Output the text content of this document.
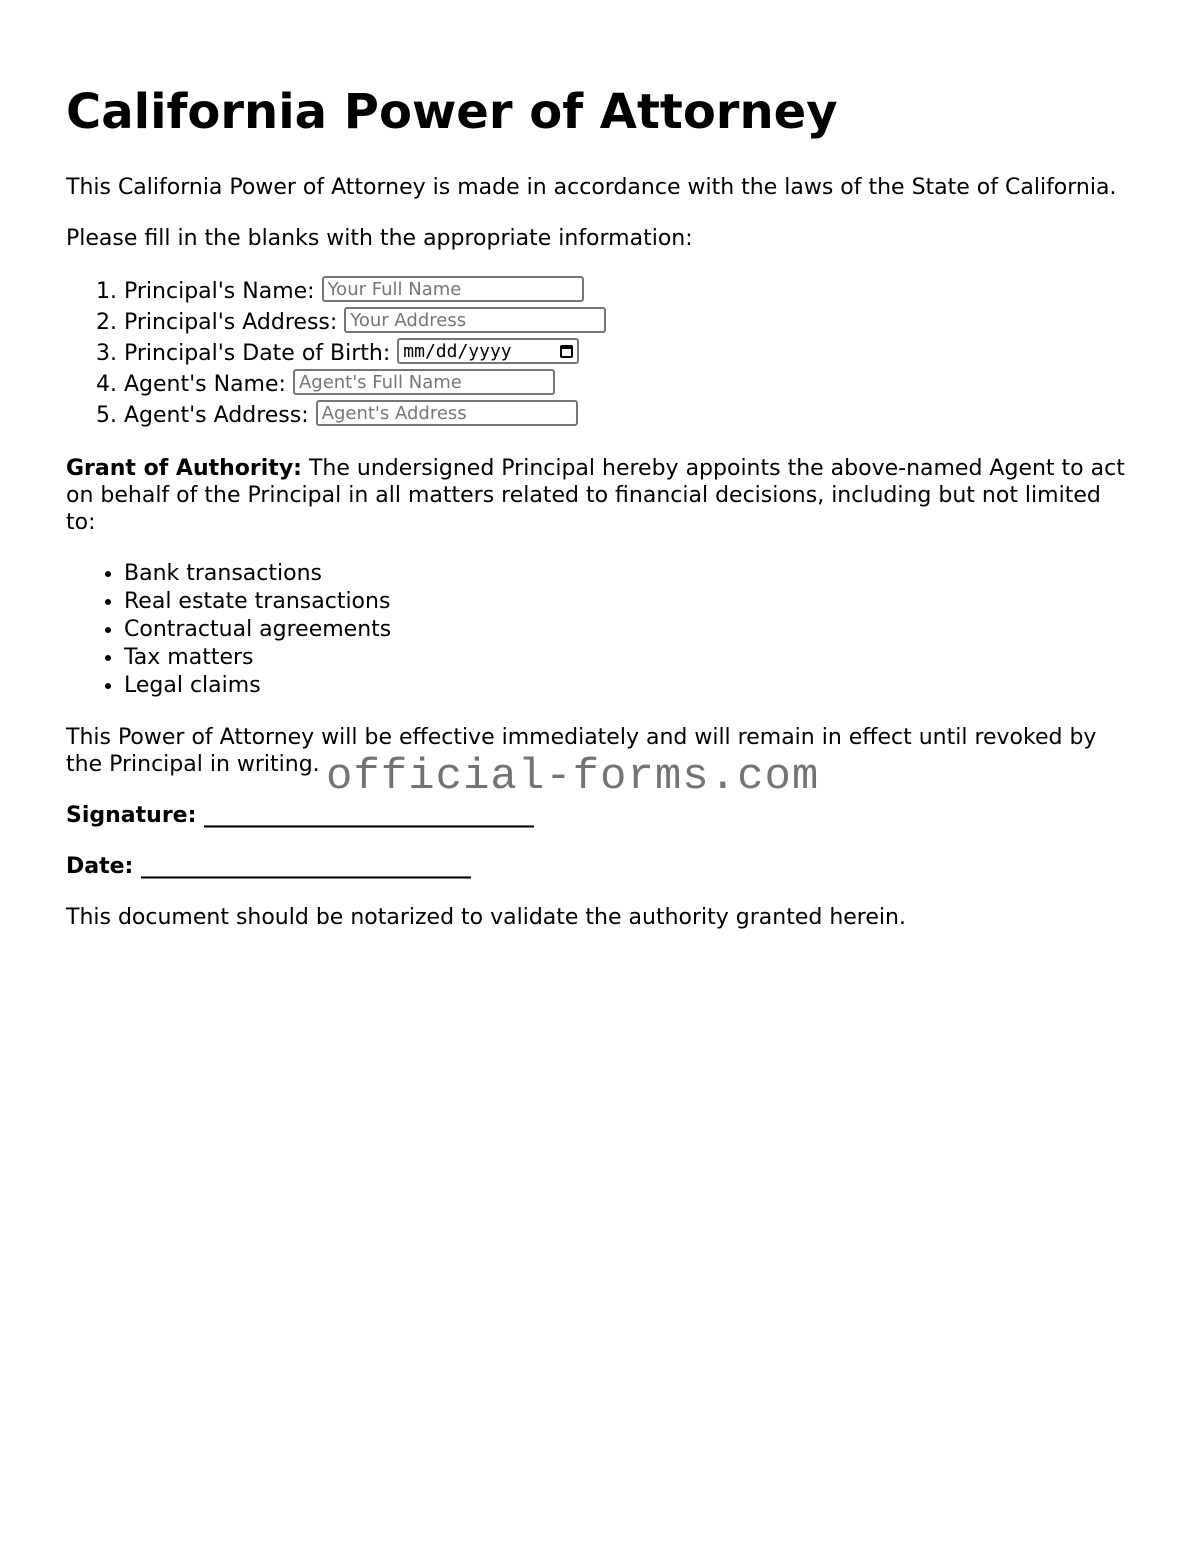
California Power of Attorney

This California Power of Attorney is made in accordance with the laws of the State of California.

Please fill in the blanks with the appropriate information:

1. Principal's Name: Your Full Name
2. Principal's Address: Your Address
3. Principal's Date of Birth: mm/dd/yyyy
4. Agent's Name: Agent's Full Name
5. Agent's Address: Agent's Address

Grant of Authority: The undersigned Principal hereby appoints the above-named Agent to act on behalf of the Principal in all matters related to financial decisions, including but not limited to:

• Bank transactions
• Real estate transactions
• Contractual agreements
• Tax matters
• Legal claims

This Power of Attorney will be effective immediately and will remain in effect until revoked by the Principal in writing.

Signature: ______________________________

Date: ______________________________

This document should be notarized to validate the authority granted herein.

official-forms.com
